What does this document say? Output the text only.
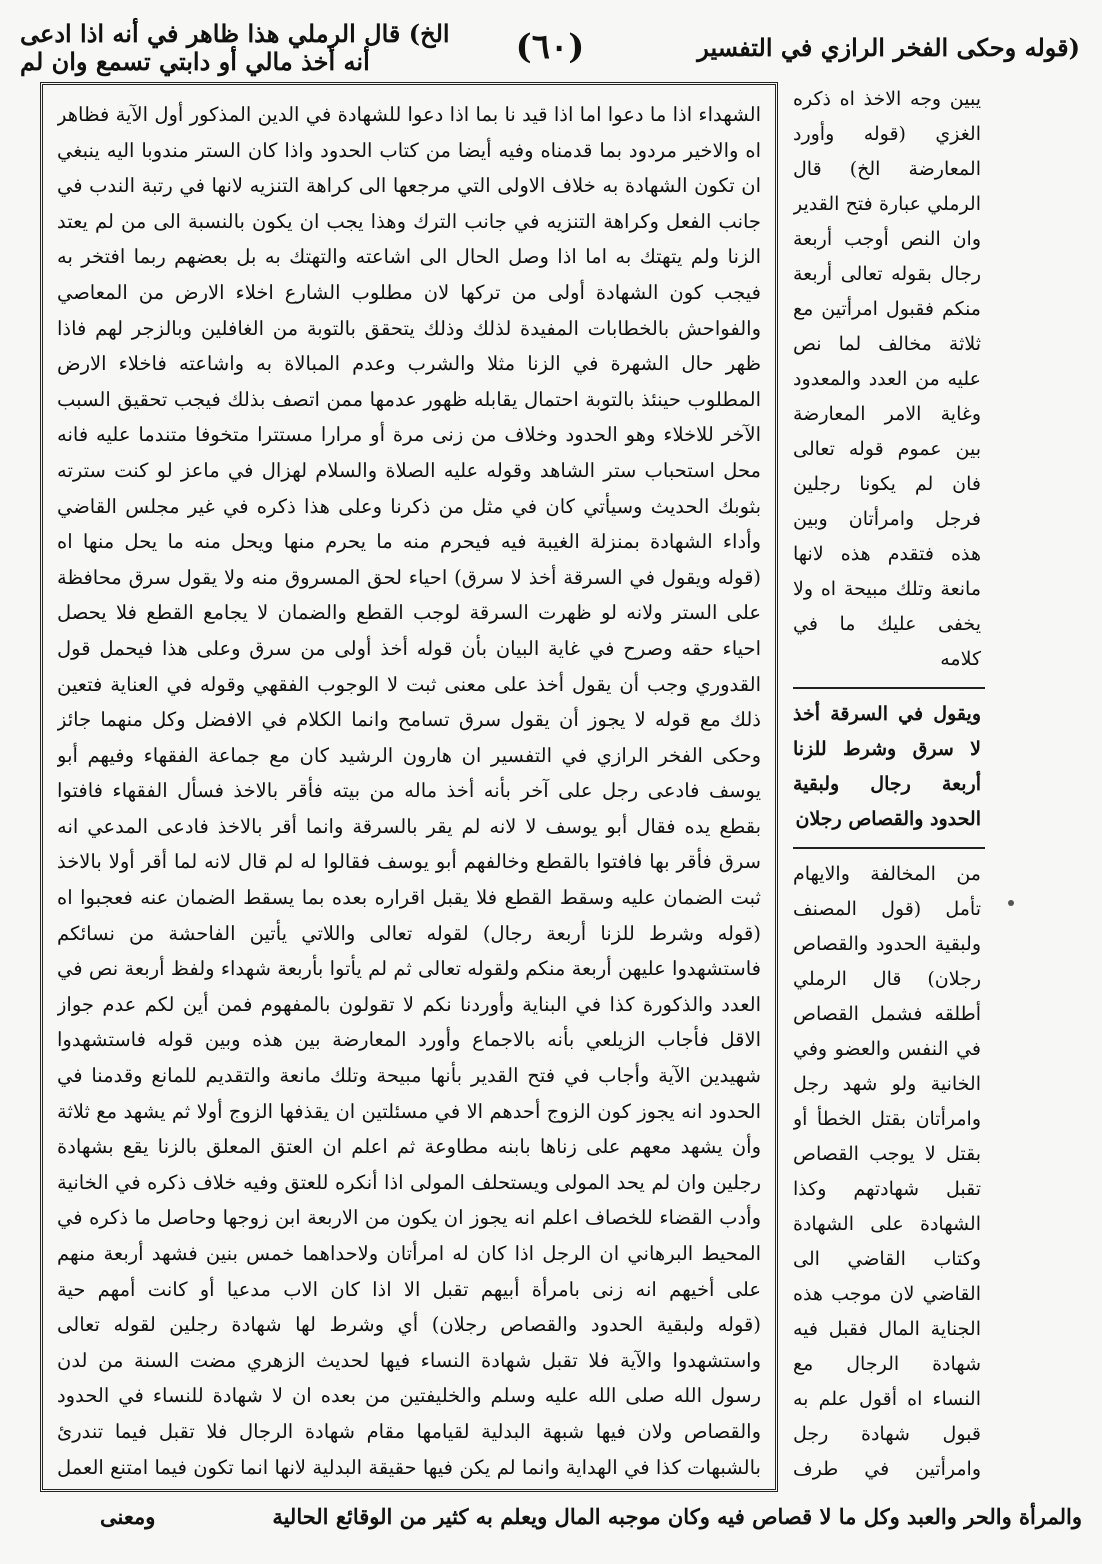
(قوله وحكى الفخر الرازي في التفسير
(٦٠)
الخ) قال الرملي هذا ظاهر في أنه اذا ادعى أنه أخذ مالي أو دابتي تسمع وان لم

الشهداء اذا ما دعوا اما اذا قيد نا بما اذا دعوا للشهادة في الدين المذكور أول الآية فظاهر اه والاخير مردود بما قدمناه وفيه أيضا من كتاب الحدود واذا كان الستر مندوبا اليه ينبغي ان تكون الشهادة به خلاف الاولى التي مرجعها الى كراهة التنزيه لانها في رتبة الندب في جانب الفعل وكراهة التنزيه في جانب الترك وهذا يجب ان يكون بالنسبة الى من لم يعتد الزنا ولم يتهتك به اما اذا وصل الحال الى اشاعته والتهتك به بل بعضهم ربما افتخر به فيجب كون الشهادة أولى من تركها لان مطلوب الشارع اخلاء الارض من المعاصي والفواحش بالخطابات المفيدة لذلك وذلك يتحقق بالتوبة من الغافلين وبالزجر لهم فاذا ظهر حال الشهرة في الزنا مثلا والشرب وعدم المبالاة به واشاعته فاخلاء الارض المطلوب حينئذ بالتوبة احتمال يقابله ظهور عدمها ممن اتصف بذلك فيجب تحقيق السبب الآخر للاخلاء وهو الحدود وخلاف من زنى مرة أو مرارا مستترا متخوفا متندما عليه فانه محل استحباب ستر الشاهد وقوله عليه الصلاة والسلام لهزال في ماعز لو كنت سترته بثوبك الحديث وسيأتي كان في مثل من ذكرنا وعلى هذا ذكره في غير مجلس القاضي وأداء الشهادة بمنزلة الغيبة فيه فيحرم منه ما يحرم منها ويحل منه ما يحل منها اه

(قوله ويقول في السرقة أخذ لا سرق) احياء لحق المسروق منه ولا يقول سرق محافظة على الستر ولانه لو ظهرت السرقة لوجب القطع والضمان لا يجامع القطع فلا يحصل احياء حقه وصرح في غاية البيان بأن قوله أخذ أولى من سرق وعلى هذا فيحمل قول القدوري وجب أن يقول أخذ على معنى ثبت لا الوجوب الفقهي وقوله في العناية فتعين ذلك مع قوله لا يجوز أن يقول سرق تسامح وانما الكلام في الافضل وكل منهما جائز وحكى الفخر الرازي في التفسير ان هارون الرشيد كان مع جماعة الفقهاء وفيهم أبو يوسف فادعى رجل على آخر بأنه أخذ ماله من بيته فأقر بالاخذ فسأل الفقهاء فافتوا بقطع يده فقال أبو يوسف لا لانه لم يقر بالسرقة وانما أقر بالاخذ فادعى المدعي انه سرق فأقر بها فافتوا بالقطع وخالفهم أبو يوسف فقالوا له لم قال لانه لما أقر أولا بالاخذ ثبت الضمان عليه وسقط القطع فلا يقبل اقراره بعده بما يسقط الضمان عنه فعجبوا اه

(قوله وشرط للزنا أربعة رجال) لقوله تعالى واللاتي يأتين الفاحشة من نسائكم فاستشهدوا عليهن أربعة منكم ولقوله تعالى ثم لم يأتوا بأربعة شهداء ولفظ أربعة نص في العدد والذكورة كذا في البناية وأوردنا نكم لا تقولون بالمفهوم فمن أين لكم عدم جواز الاقل فأجاب الزيلعي بأنه بالاجماع وأورد المعارضة بين هذه وبين قوله فاستشهدوا شهيدين الآية وأجاب في فتح القدير بأنها مبيحة وتلك مانعة والتقديم للمانع وقدمنا في الحدود انه يجوز كون الزوج أحدهم الا في مسئلتين ان يقذفها الزوج أولا ثم يشهد مع ثلاثة وأن يشهد معهم على زناها بابنه مطاوعة ثم اعلم ان العتق المعلق بالزنا يقع بشهادة رجلين وان لم يحد المولى ويستحلف المولى اذا أنكره للعتق وفيه خلاف ذكره في الخانية وأدب القضاء للخصاف اعلم انه يجوز ان يكون من الاربعة ابن زوجها وحاصل ما ذكره في المحيط البرهاني ان الرجل اذا كان له امرأتان ولاحداهما خمس بنين فشهد أربعة منهم على أخيهم انه زنى بامرأة أبيهم تقبل الا اذا كان الاب مدعيا أو كانت أمهم حية

(قوله ولبقية الحدود والقصاص رجلان) أي وشرط لها شهادة رجلين لقوله تعالى واستشهدوا والآية فلا تقبل شهادة النساء فيها لحديث الزهري مضت السنة من لدن رسول الله صلى الله عليه وسلم والخليفتين من بعده ان لا شهادة للنساء في الحدود والقصاص ولان فيها شبهة البدلية لقيامها مقام شهادة الرجال فلا تقبل فيما تندرئ بالشبهات كذا في الهداية وانما لم يكن فيها حقيقة البدلية لانها انما تكون فيما امتنع العمل

يبين وجه الاخذ اه ذكره الغزي (قوله وأورد المعارضة الخ) قال الرملي عبارة فتح القدير وان النص أوجب أربعة رجال بقوله تعالى أربعة منكم فقبول امرأتين مع ثلاثة مخالف لما نص عليه من العدد والمعدود وغاية الامر المعارضة بين عموم قوله تعالى فان لم يكونا رجلين فرجل وامرأتان وبين هذه فتقدم هذه لانها مانعة وتلك مبيحة اه ولا يخفى عليك ما في كلامه

ويقول في السرقة أخذ لا سرق وشرط للزنا أربعة رجال ولبقية الحدود والقصاص رجلان

من المخالفة والايهام تأمل (قول المصنف ولبقية الحدود والقصاص رجلان) قال الرملي أطلقه فشمل القصاص في النفس والعضو وفي الخانية ولو شهد رجل وامرأتان بقتل الخطأ أو بقتل لا يوجب القصاص تقبل شهادتهم وكذا الشهادة على الشهادة وكتاب القاضي الى القاضي لان موجب هذه الجناية المال فقبل فيه شهادة الرجال مع النساء اه أقول علم به قبول شهادة رجل وامرأتين في طرف

والمرأة والحر والعبد وكل ما لا قصاص فيه وكان موجبه المال ويعلم به كثير من الوقائع الحالية
ومعنى
